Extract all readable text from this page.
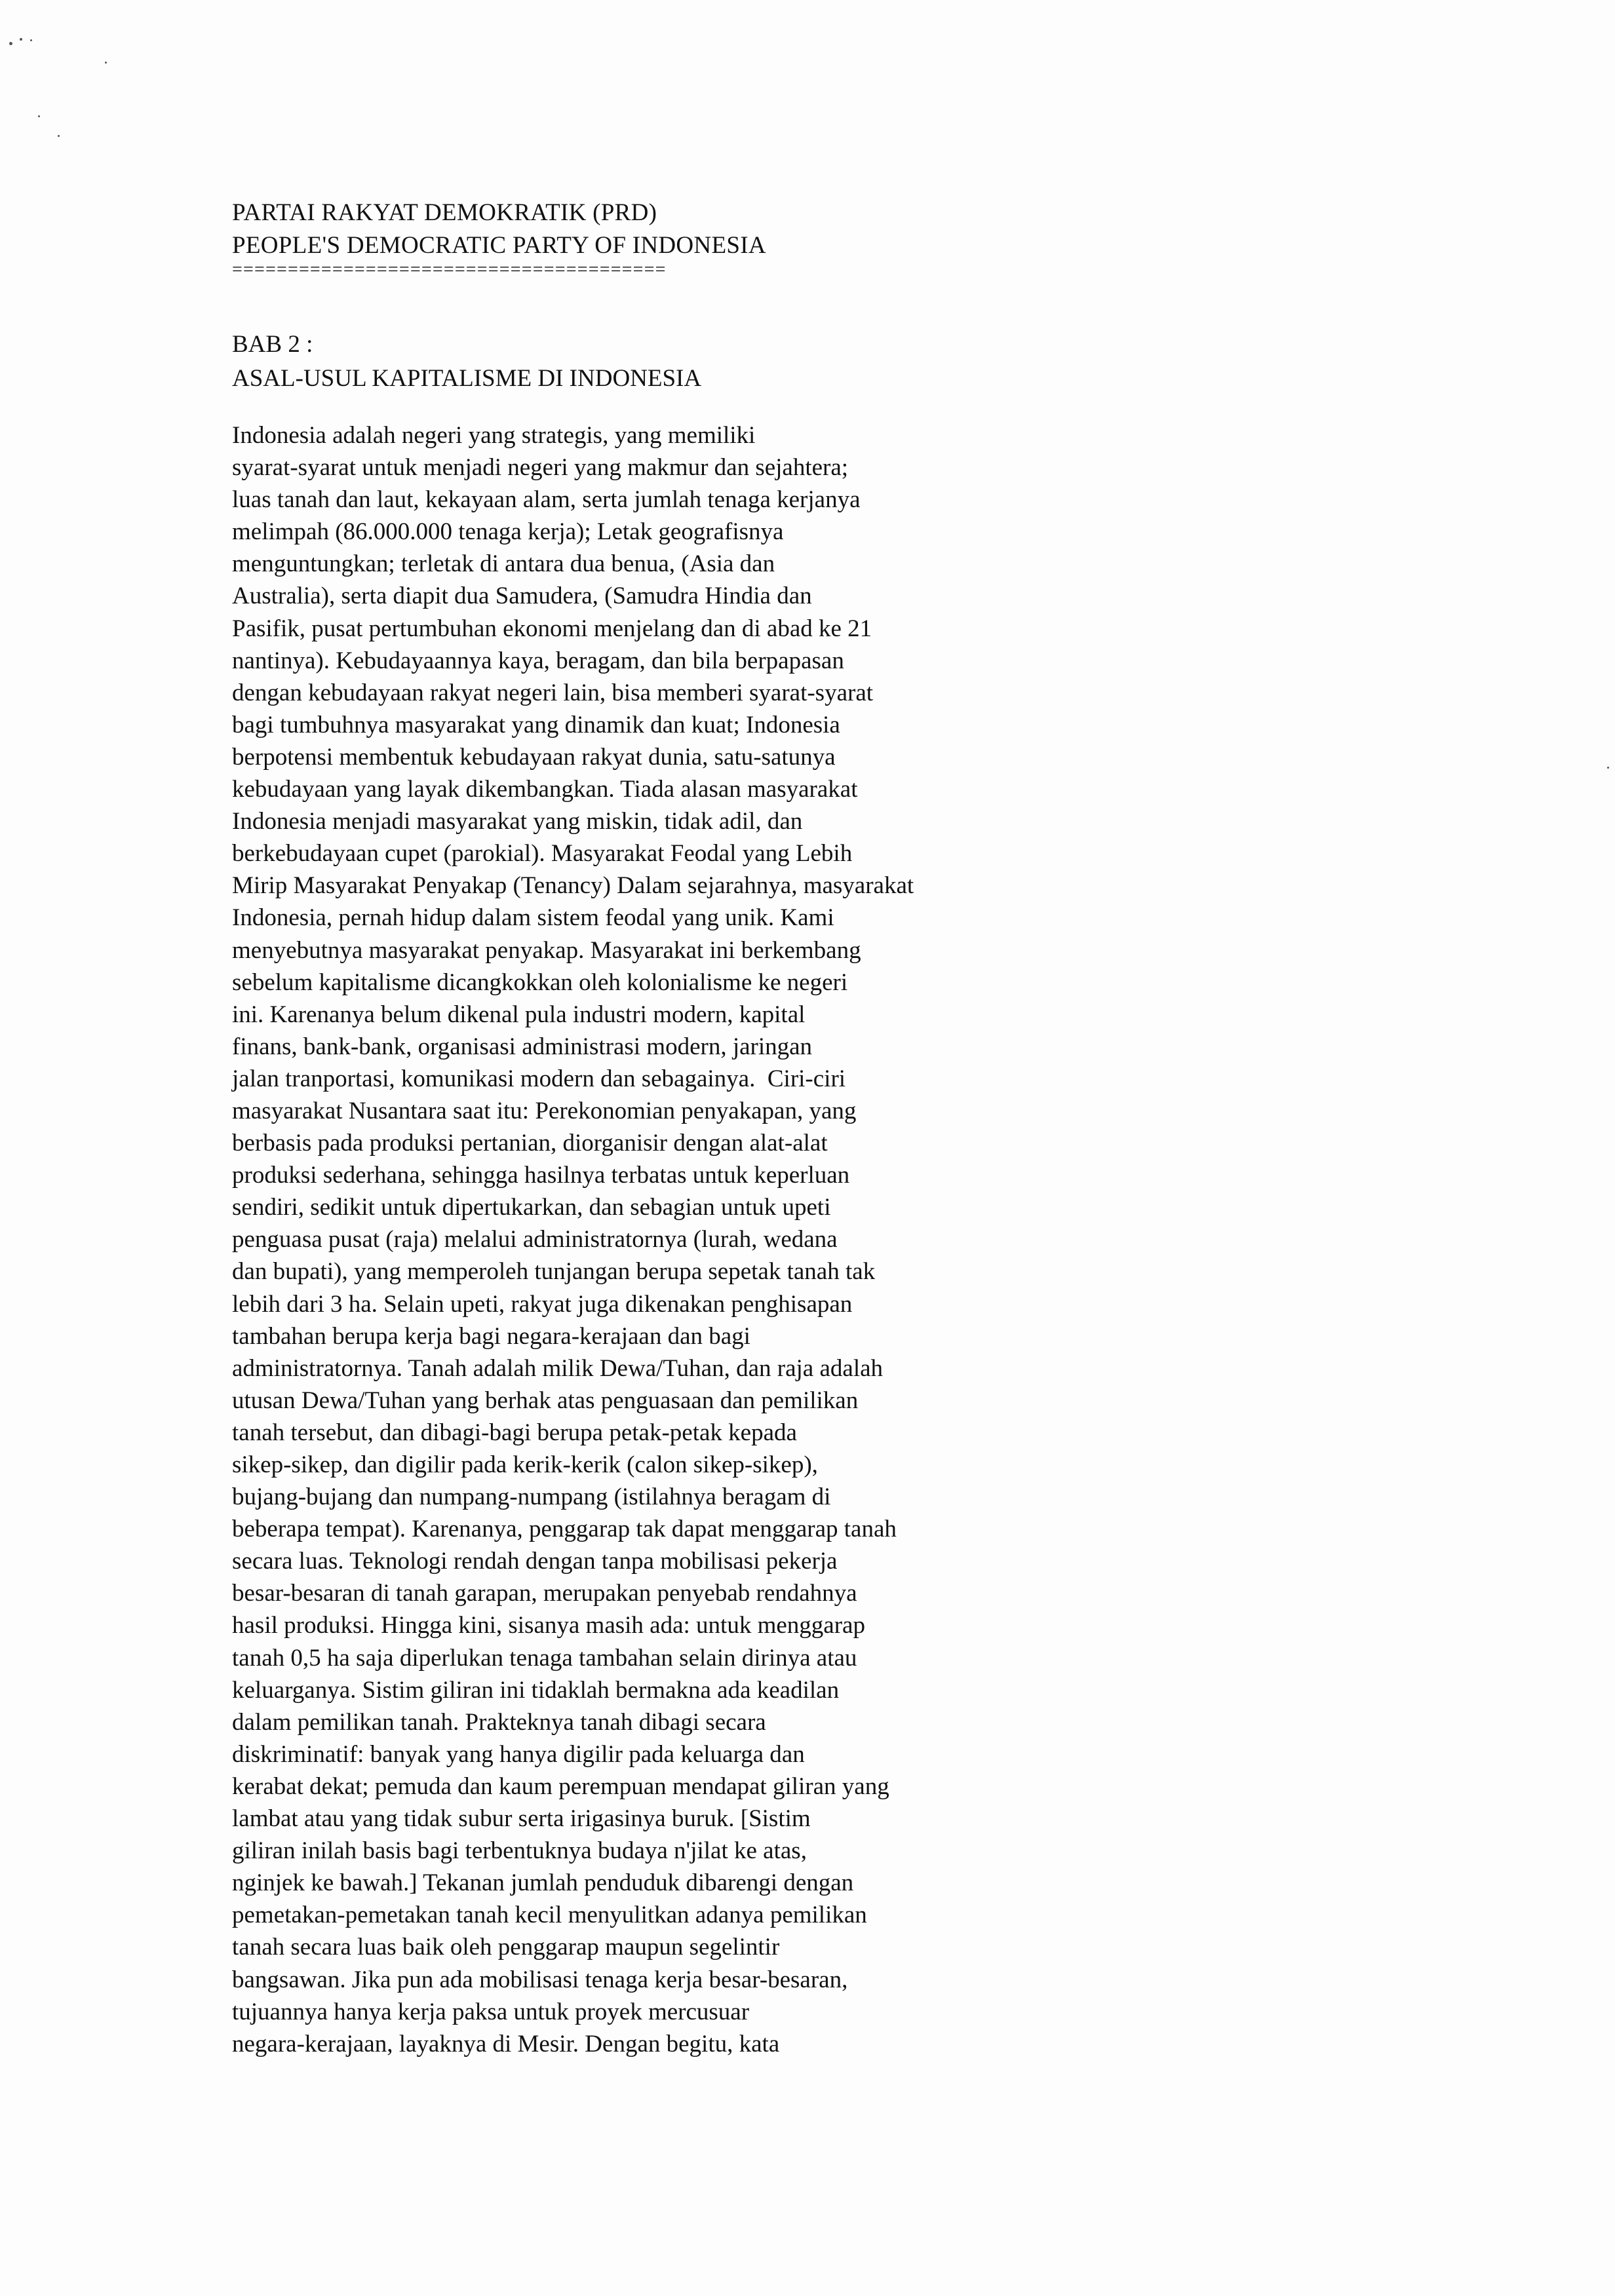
PARTAI RAKYAT DEMOKRATIK (PRD)
PEOPLE'S DEMOCRATIC PARTY OF INDONESIA
=======================================
BAB 2 :
ASAL-USUL KAPITALISME DI INDONESIA
Indonesia adalah negeri yang strategis, yang memiliki
syarat-syarat untuk menjadi negeri yang makmur dan sejahtera;
luas tanah dan laut, kekayaan alam, serta jumlah tenaga kerjanya
melimpah (86.000.000 tenaga kerja); Letak geografisnya
menguntungkan; terletak di antara dua benua, (Asia dan
Australia), serta diapit dua Samudera, (Samudra Hindia dan
Pasifik, pusat pertumbuhan ekonomi menjelang dan di abad ke 21
nantinya). Kebudayaannya kaya, beragam, dan bila berpapasan
dengan kebudayaan rakyat negeri lain, bisa memberi syarat-syarat
bagi tumbuhnya masyarakat yang dinamik dan kuat; Indonesia
berpotensi membentuk kebudayaan rakyat dunia, satu-satunya
kebudayaan yang layak dikembangkan. Tiada alasan masyarakat
Indonesia menjadi masyarakat yang miskin, tidak adil, dan
berkebudayaan cupet (parokial). Masyarakat Feodal yang Lebih
Mirip Masyarakat Penyakap (Tenancy) Dalam sejarahnya, masyarakat
Indonesia, pernah hidup dalam sistem feodal yang unik. Kami
menyebutnya masyarakat penyakap. Masyarakat ini berkembang
sebelum kapitalisme dicangkokkan oleh kolonialisme ke negeri
ini. Karenanya belum dikenal pula industri modern, kapital
finans, bank-bank, organisasi administrasi modern, jaringan
jalan tranportasi, komunikasi modern dan sebagainya.  Ciri-ciri
masyarakat Nusantara saat itu: Perekonomian penyakapan, yang
berbasis pada produksi pertanian, diorganisir dengan alat-alat
produksi sederhana, sehingga hasilnya terbatas untuk keperluan
sendiri, sedikit untuk dipertukarkan, dan sebagian untuk upeti
penguasa pusat (raja) melalui administratornya (lurah, wedana
dan bupati), yang memperoleh tunjangan berupa sepetak tanah tak
lebih dari 3 ha. Selain upeti, rakyat juga dikenakan penghisapan
tambahan berupa kerja bagi negara-kerajaan dan bagi
administratornya. Tanah adalah milik Dewa/Tuhan, dan raja adalah
utusan Dewa/Tuhan yang berhak atas penguasaan dan pemilikan
tanah tersebut, dan dibagi-bagi berupa petak-petak kepada
sikep-sikep, dan digilir pada kerik-kerik (calon sikep-sikep),
bujang-bujang dan numpang-numpang (istilahnya beragam di
beberapa tempat). Karenanya, penggarap tak dapat menggarap tanah
secara luas. Teknologi rendah dengan tanpa mobilisasi pekerja
besar-besaran di tanah garapan, merupakan penyebab rendahnya
hasil produksi. Hingga kini, sisanya masih ada: untuk menggarap
tanah 0,5 ha saja diperlukan tenaga tambahan selain dirinya atau
keluarganya. Sistim giliran ini tidaklah bermakna ada keadilan
dalam pemilikan tanah. Prakteknya tanah dibagi secara
diskriminatif: banyak yang hanya digilir pada keluarga dan
kerabat dekat; pemuda dan kaum perempuan mendapat giliran yang
lambat atau yang tidak subur serta irigasinya buruk. [Sistim
giliran inilah basis bagi terbentuknya budaya n'jilat ke atas,
nginjek ke bawah.] Tekanan jumlah penduduk dibarengi dengan
pemetakan-pemetakan tanah kecil menyulitkan adanya pemilikan
tanah secara luas baik oleh penggarap maupun segelintir
bangsawan. Jika pun ada mobilisasi tenaga kerja besar-besaran,
tujuannya hanya kerja paksa untuk proyek mercusuar
negara-kerajaan, layaknya di Mesir. Dengan begitu, kata
